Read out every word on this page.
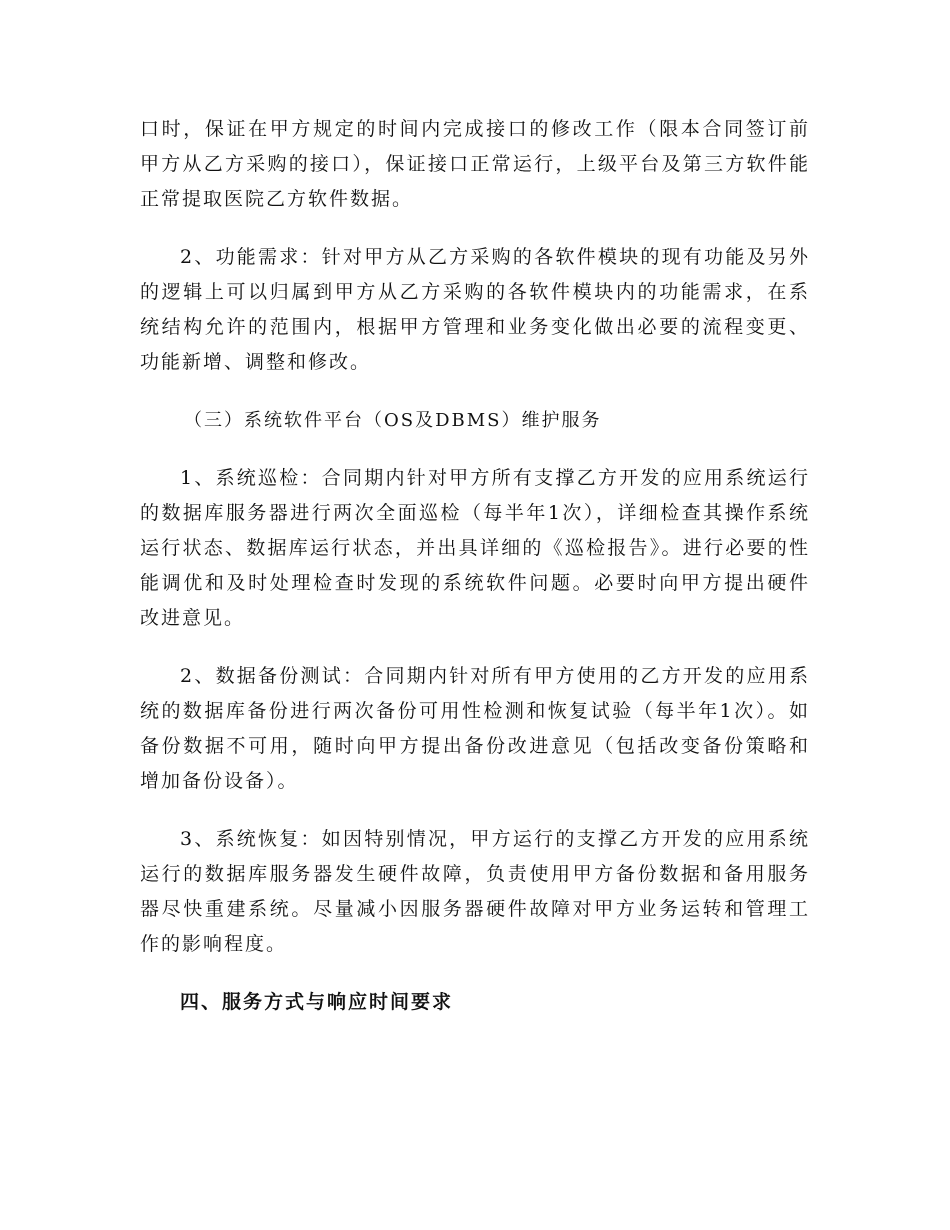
口时，保证在甲方规定的时间内完成接口的修改工作（限本合同签订前甲方从乙方采购的接口），保证接口正常运行，上级平台及第三方软件能正常提取医院乙方软件数据。

2、功能需求：针对甲方从乙方采购的各软件模块的现有功能及另外的逻辑上可以归属到甲方从乙方采购的各软件模块内的功能需求，在系统结构允许的范围内，根据甲方管理和业务变化做出必要的流程变更、功能新增、调整和修改。

（三）系统软件平台（OS及DBMS）维护服务

1、系统巡检：合同期内针对甲方所有支撑乙方开发的应用系统运行的数据库服务器进行两次全面巡检（每半年1次），详细检查其操作系统运行状态、数据库运行状态，并出具详细的《巡检报告》。进行必要的性能调优和及时处理检查时发现的系统软件问题。必要时向甲方提出硬件改进意见。

2、数据备份测试：合同期内针对所有甲方使用的乙方开发的应用系统的数据库备份进行两次备份可用性检测和恢复试验（每半年1次）。如备份数据不可用，随时向甲方提出备份改进意见（包括改变备份策略和增加备份设备）。

3、系统恢复：如因特别情况，甲方运行的支撑乙方开发的应用系统运行的数据库服务器发生硬件故障，负责使用甲方备份数据和备用服务器尽快重建系统。尽量减小因服务器硬件故障对甲方业务运转和管理工作的影响程度。

四、服务方式与响应时间要求
